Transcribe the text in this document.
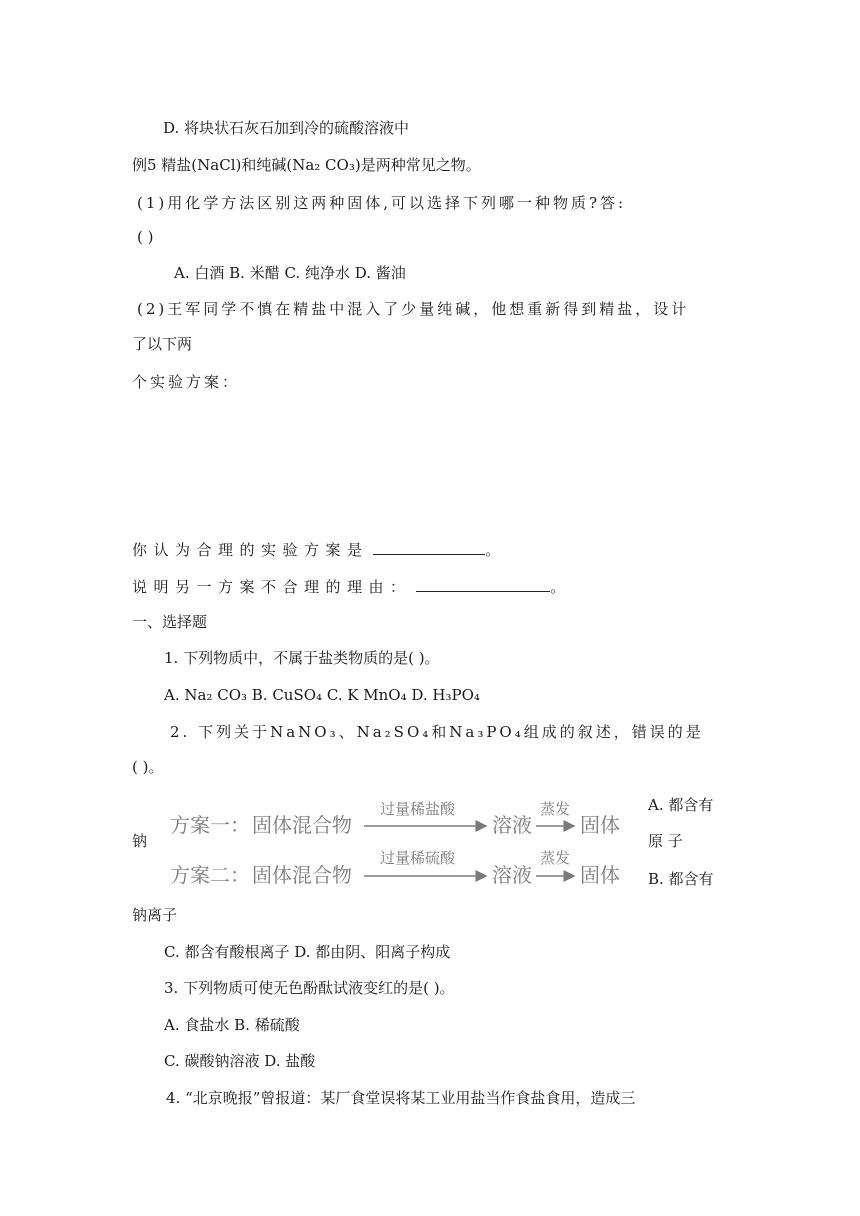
D. 将块状石灰石加到冷的硫酸溶液中
例5 精盐(NaCl)和纯碱(Na₂ CO₃)是两种常见之物。
(1)用化学方法区别这两种固体,可以选择下列哪一种物质?答:
( )
A. 白酒 B. 米醋 C. 纯净水 D. 酱油
(2)王军同学不慎在精盐中混入了少量纯碱，他想重新得到精盐，设计
了以下两
个实验方案：
你认为合理的实验方案是	。
说明另一方案不合理的理由：	。
一、选择题
1. 下列物质中，不属于盐类物质的是( )。
A. Na₂ CO₃ B. CuSO₄ C. K MnO₄ D. H₃PO₄
2. 下列关于NaNO₃、Na₂SO₄和Na₃PO₄组成的叙述，错误的是
( )。
A. 都含有
钠	原 子
B. 都含有
钠离子
C. 都含有酸根离子 D. 都由阴、阳离子构成
3. 下列物质可使无色酚酞试液变红的是( )。
A. 食盐水 B. 稀硫酸
C. 碳酸钠溶液 D. 盐酸
4. “北京晚报”曾报道：某厂食堂误将某工业用盐当作食盐食用，造成三
方案一： 固体混合物
过量稀盐酸
溶液
蒸发
固体
方案二： 固体混合物
过量稀硫酸
溶液
蒸发
固体
